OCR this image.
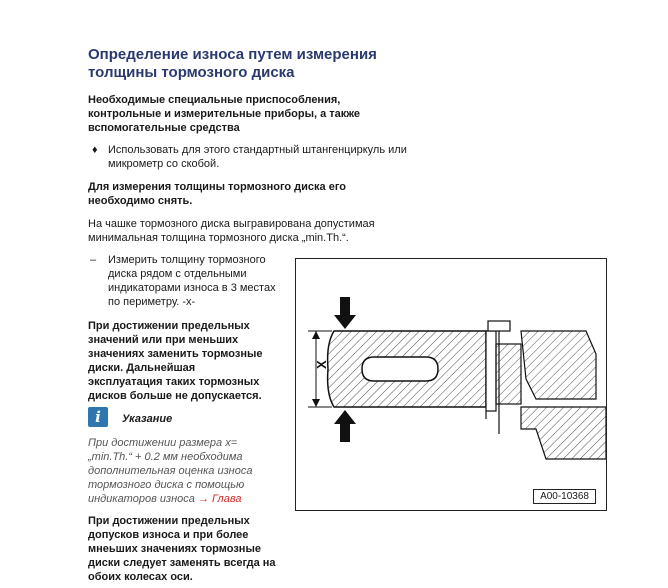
Определение износа путем измерения толщины тормозного диска
Необходимые специальные приспособления, контрольные и измерительные приборы, а также вспомогательные средства
♦ Использовать для этого стандартный штангенциркуль или микрометр со скобой.
Для измерения толщины тормозного диска его необходимо снять.
На чашке тормозного диска выгравирована допустимая минимальная толщина тормозного диска „min.Th.“.
– Измерить толщину тормозного диска рядом с отдельными индикаторами износа в 3 местах по периметру. -x-
При достижении предельных значений или при меньших значениях заменить тормозные диски. Дальнейшая эксплуатация таких тормозных дисков больше не допускается.
i	Указание
При достижении размера x= „min.Th.“ + 0.2 мм необходима дополнительная оценка износа тормозного диска с помощью индикаторов износа → Глава
При достижении предельных допусков износа и при более мнеьших значениях тормозные диски следует заменять всегда на обоих колесах оси.
X
A00-10368
